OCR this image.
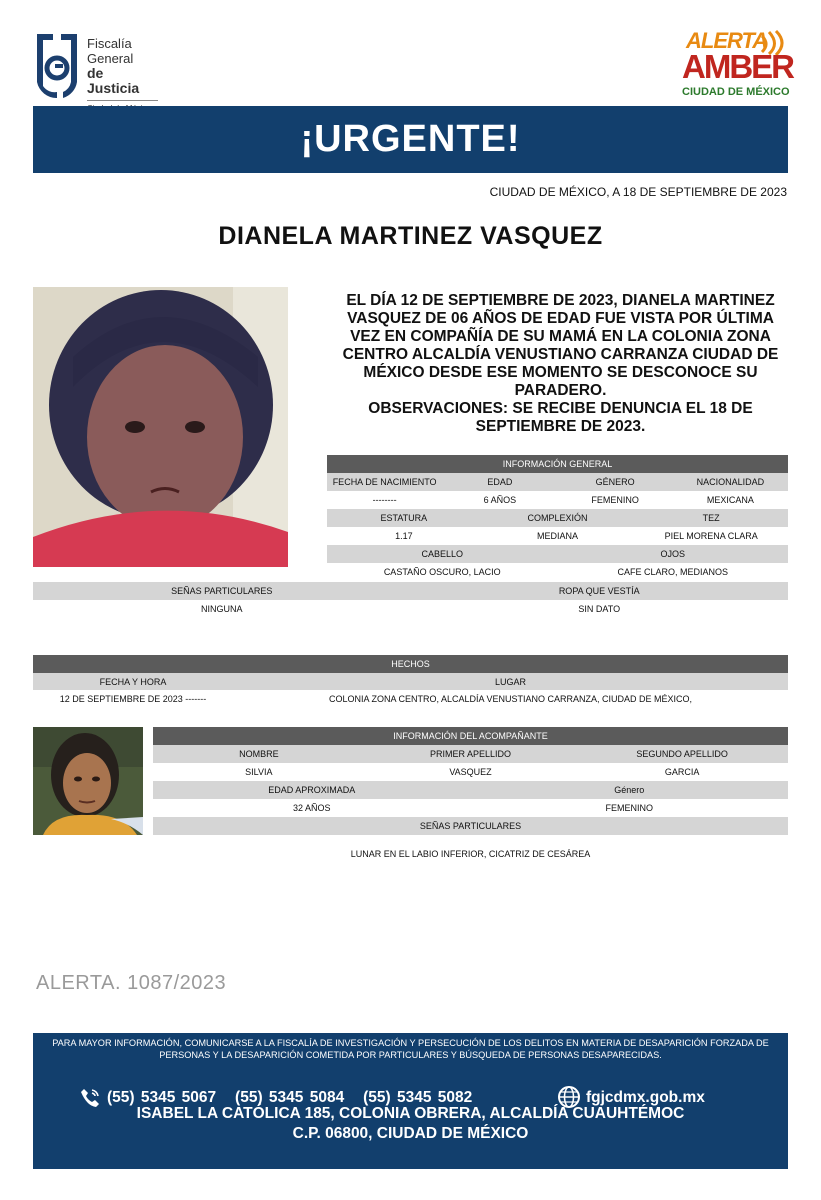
Fiscalía
General
de Justicia
ALERTA
AMBER
CIUDAD DE MÉXICO
¡URGENTE!
CIUDAD DE MÉXICO, A 18 DE SEPTIEMBRE DE 2023
DIANELA MARTINEZ VASQUEZ

EL DÍA 12 DE SEPTIEMBRE DE 2023, DIANELA MARTINEZ VASQUEZ DE 06 AÑOS DE EDAD FUE VISTA POR ÚLTIMA VEZ EN COMPAÑÍA DE SU MAMÁ EN LA COLONIA ZONA CENTRO ALCALDÍA VENUSTIANO CARRANZA CIUDAD DE MÉXICO DESDE ESE MOMENTO SE DESCONOCE SU PARADERO.

OBSERVACIONES: SE RECIBE DENUNCIA EL 18 DE SEPTIEMBRE DE 2023.

INFORMACIÓN GENERAL
FECHA DE NACIMIENTO	EDAD	GÉNERO	NACIONALIDAD
--------	6 AÑOS	FEMENINO	MEXICANA
ESTATURA	COMPLEXIÓN	TEZ
1.17	MEDIANA	PIEL MORENA CLARA
CABELLO	OJOS
CASTAÑO OSCURO, LACIO	CAFE CLARO, MEDIANOS
SEÑAS PARTICULARES	ROPA QUE VESTÍA
NINGUNA	SIN DATO
HECHOS
FECHA Y HORA	LUGAR
12 DE SEPTIEMBRE DE 2023 -------	COLONIA ZONA CENTRO, ALCALDÍA VENUSTIANO CARRANZA, CIUDAD DE MÉXICO,
INFORMACIÓN DEL ACOMPAÑANTE
NOMBRE	PRIMER APELLIDO	SEGUNDO APELLIDO
SILVIA	VASQUEZ	GARCIA
EDAD APROXIMADA	Género
32 AÑOS	FEMENINO
SEÑAS PARTICULARES
LUNAR EN EL LABIO INFERIOR, CICATRIZ DE CESÁREA
ALERTA. 1087/2023
PARA MAYOR INFORMACIÓN, COMUNICARSE A LA FISCALÍA DE INVESTIGACIÓN Y PERSECUCIÓN DE LOS DELITOS EN MATERIA DE DESAPARICIÓN FORZADA DE PERSONAS Y LA DESAPARICIÓN COMETIDA POR PARTICULARES Y BÚSQUEDA DE PERSONAS DESAPARECIDAS.
(55) 5345 5067   (55) 5345 5084   (55) 5345 5082	fgjcdmx.gob.mx
ISABEL LA CATÓLICA 185, COLONIA OBRERA, ALCALDÍA CUAUHTÉMOC
C.P. 06800, CIUDAD DE MÉXICO
